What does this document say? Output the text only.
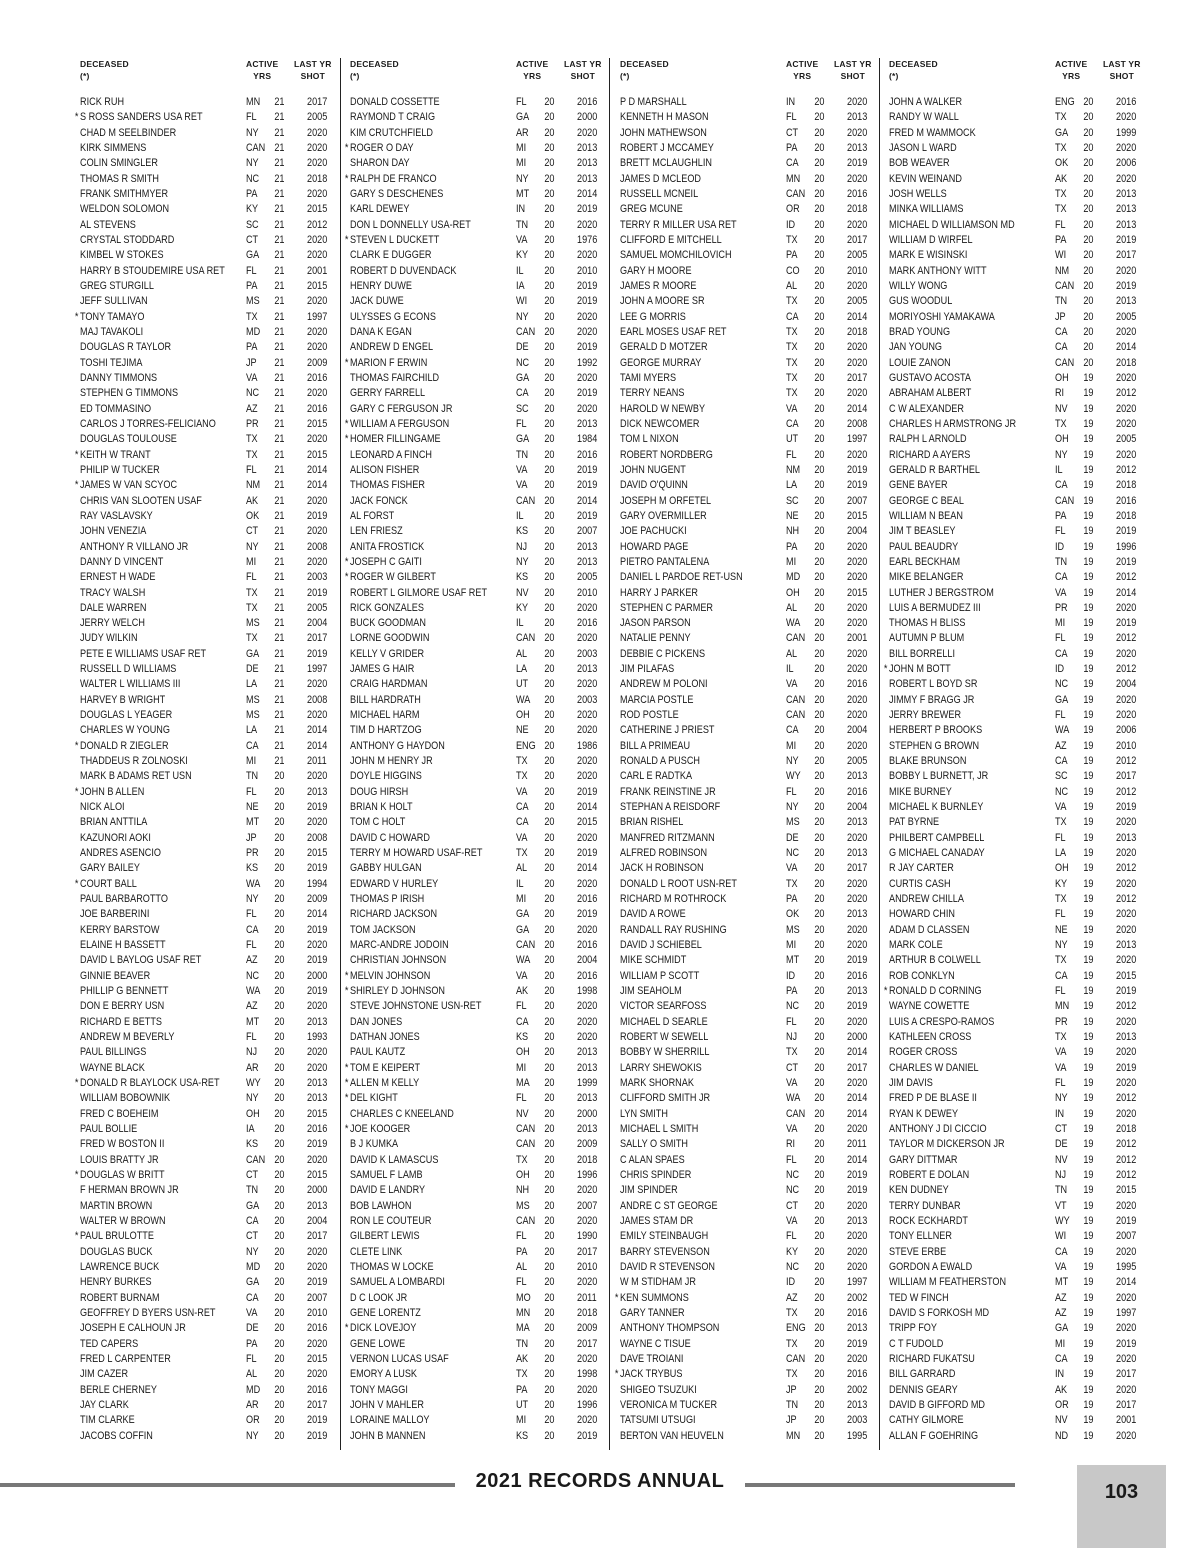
DECEASED
(*)
ACTIVE
YRS
LAST YR
SHOT
RICK RUH	MN 21 2017
* S ROSS SANDERS USA RET	FL 21 2005
CHAD M SEELBINDER	NY 21 2020
KIRK SIMMENS	CAN 21 2020
COLIN SMINGLER	NY 21 2020
THOMAS R SMITH	NC 21 2018
FRANK SMITHMYER	PA 21 2020
WELDON SOLOMON	KY 21 2015
AL STEVENS	SC 21 2012
CRYSTAL STODDARD	CT 21 2020
KIMBEL W STOKES	GA 21 2020
HARRY B STOUDEMIRE USA RET FL 21 2001
GREG STURGILL	PA 21 2015
JEFF SULLIVAN	MS 21 2020
* TONY TAMAYO	TX 21 1997
MAJ TAVAKOLI	MD 21 2020
DOUGLAS R TAYLOR	PA 21 2020
TOSHI TEJIMA	JP 21 2009
DANNY TIMMONS	VA 21 2016
STEPHEN G TIMMONS	NC 21 2020
ED TOMMASINO	AZ 21 2016
CARLOS J TORRES-FELICIANO	PR 21 2015
DOUGLAS TOULOUSE	TX 21 2020
* KEITH W TRANT	TX 21 2015
PHILIP W TUCKER	FL 21 2014
* JAMES W VAN SCYOC	NM 21 2014
CHRIS VAN SLOOTEN USAF	AK 21 2020
RAY VASLAVSKY	OK 21 2019
JOHN VENEZIA	CT 21 2020
ANTHONY R VILLANO JR	NY 21 2008
DANNY D VINCENT	MI 21 2020
ERNEST H WADE	FL 21 2003
TRACY WALSH	TX 21 2019
DALE WARREN	TX 21 2005
JERRY WELCH	MS 21 2004
JUDY WILKIN	TX 21 2017
PETE E WILLIAMS USAF RET	GA 21 2019
RUSSELL D WILLIAMS	DE 21 1997
WALTER L WILLIAMS III	LA 21 2020
HARVEY B WRIGHT	MS 21 2008
DOUGLAS L YEAGER	MS 21 2020
CHARLES W YOUNG	LA 21 2014
* DONALD R ZIEGLER	CA 21 2014
THADDEUS R ZOLNOSKI	MI 21 2011
MARK B ADAMS RET USN	TN 20 2020
* JOHN B ALLEN	FL 20 2013
NICK ALOI	NE 20 2019
BRIAN ANTTILA	MT 20 2020
KAZUNORI AOKI	JP 20 2008
ANDRES ASENCIO	PR 20 2015
GARY BAILEY	KS 20 2019
* COURT BALL	WA 20 1994
PAUL BARBAROTTO	NY 20 2009
JOE BARBERINI	FL 20 2014
KERRY BARSTOW	CA 20 2019
ELAINE H BASSETT	FL 20 2020
DAVID L BAYLOG USAF RET	AZ 20 2019
GINNIE BEAVER	NC 20 2000
PHILLIP G BENNETT	WA 20 2019
DON E BERRY USN	AZ 20 2020
RICHARD E BETTS	MT 20 2013
ANDREW M BEVERLY	FL 20 1993
PAUL BILLINGS	NJ 20 2020
WAYNE BLACK	AR 20 2020
* DONALD R BLAYLOCK USA-RET WY 20 2013
WILLIAM BOBOWNIK	NY 20 2013
FRED C BOEHEIM	OH 20 2015
PAUL BOLLIE	IA 20 2016
FRED W BOSTON II	KS 20 2019
LOUIS BRATTY JR	CAN 20 2020
* DOUGLAS W BRITT	CT 20 2015
F HERMAN BROWN JR	TN 20 2000
MARTIN BROWN	GA 20 2013
WALTER W BROWN	CA 20 2004
* PAUL BRULOTTE	CT 20 2017
DOUGLAS BUCK	NY 20 2020
LAWRENCE BUCK	MD 20 2020
HENRY BURKES	GA 20 2019
ROBERT BURNAM	CA 20 2007
GEOFFREY D BYERS USN-RET	VA 20 2010
JOSEPH E CALHOUN JR	DE 20 2016
TED CAPERS	PA 20 2020
FRED L CARPENTER	FL 20 2015
JIM CAZER	AL 20 2020
BERLE CHERNEY	MD 20 2016
JAY CLARK	AR 20 2017
TIM CLARKE	OR 20 2019
JACOBS COFFIN	NY 20 2019
DECEASED
(*)
ACTIVE
YRS
LAST YR
SHOT
DONALD COSSETTE	FL 20 2016
RAYMOND T CRAIG	GA 20 2000
KIM CRUTCHFIELD	AR 20 2020
* ROGER O DAY	MI 20 2013
SHARON DAY	MI 20 2013
* RALPH DE FRANCO	NY 20 2013
GARY S DESCHENES	MT 20 2014
KARL DEWEY	IN 20 2019
DON L DONNELLY USA-RET	TN 20 2020
* STEVEN L DUCKETT	VA 20 1976
CLARK E DUGGER	KY 20 2020
ROBERT D DUVENDACK	IL 20 2010
HENRY DUWE	IA 20 2019
JACK DUWE	WI 20 2019
ULYSSES G ECONS	NY 20 2020
DANA K EGAN	CAN 20 2020
ANDREW D ENGEL	DE 20 2019
* MARION F ERWIN	NC 20 1992
THOMAS FAIRCHILD	GA 20 2020
GERRY FARRELL	CA 20 2019
GARY C FERGUSON JR	SC 20 2020
* WILLIAM A FERGUSON	FL 20 2013
* HOMER FILLINGAME	GA 20 1984
LEONARD A FINCH	TN 20 2016
ALISON FISHER	VA 20 2019
THOMAS FISHER	VA 20 2019
JACK FONCK	CAN 20 2014
AL FORST	IL 20 2019
LEN FRIESZ	KS 20 2007
ANITA FROSTICK	NJ 20 2013
* JOSEPH C GAITI	NY 20 2013
* ROGER W GILBERT	KS 20 2005
ROBERT L GILMORE USAF RET	NV 20 2010
RICK GONZALES	KY 20 2020
BUCK GOODMAN	IL 20 2016
LORNE GOODWIN	CAN 20 2020
KELLY V GRIDER	AL 20 2003
JAMES G HAIR	LA 20 2013
CRAIG HARDMAN	UT 20 2020
BILL HARDRATH	WA 20 2003
MICHAEL HARM	OH 20 2020
TIM D HARTZOG	NE 20 2020
ANTHONY G HAYDON	ENG 20 1986
JOHN M HENRY JR	TX 20 2020
DOYLE HIGGINS	TX 20 2020
DOUG HIRSH	VA 20 2019
BRIAN K HOLT	CA 20 2014
TOM C HOLT	CA 20 2015
DAVID C HOWARD	VA 20 2020
TERRY M HOWARD USAF-RET	TX 20 2019
GABBY HULGAN	AL 20 2014
EDWARD V HURLEY	IL 20 2020
THOMAS P IRISH	MI 20 2016
RICHARD JACKSON	GA 20 2019
TOM JACKSON	GA 20 2020
MARC-ANDRE JODOIN	CAN 20 2016
CHRISTIAN JOHNSON	WA 20 2004
* MELVIN JOHNSON	VA 20 2016
* SHIRLEY D JOHNSON	AK 20 1998
STEVE JOHNSTONE USN-RET	FL 20 2020
DAN JONES	CA 20 2020
DATHAN JONES	KS 20 2020
PAUL KAUTZ	OH 20 2013
* TOM E KEIPERT	MI 20 2013
* ALLEN M KELLY	MA 20 1999
* DEL KIGHT	FL 20 2013
CHARLES C KNEELAND	NV 20 2000
* JOE KOOGER	CAN 20 2013
B J KUMKA	CAN 20 2009
DAVID K LAMASCUS	TX 20 2018
SAMUEL F LAMB	OH 20 1996
DAVID E LANDRY	NH 20 2020
BOB LAWHON	MS 20 2007
RON LE COUTEUR	CAN 20 2020
GILBERT LEWIS	FL 20 1990
CLETE LINK	PA 20 2017
THOMAS W LOCKE	AL 20 2010
SAMUEL A LOMBARDI	FL 20 2020
D C LOOK JR	MO 20 2011
GENE LORENTZ	MN 20 2018
* DICK LOVEJOY	MA 20 2009
GENE LOWE	TN 20 2017
VERNON LUCAS USAF	AK 20 2020
EMORY A LUSK	TX 20 1998
TONY MAGGI	PA 20 2020
JOHN V MAHLER	UT 20 1996
LORAINE MALLOY	MI 20 2020
JOHN B MANNEN	KS 20 2019
DECEASED
(*)
ACTIVE
YRS
LAST YR
SHOT
P D MARSHALL	IN 20 2020
KENNETH H MASON	FL 20 2013
JOHN MATHEWSON	CT 20 2020
ROBERT J MCCAMEY	PA 20 2013
BRETT MCLAUGHLIN	CA 20 2019
JAMES D MCLEOD	MN 20 2020
RUSSELL MCNEIL	CAN 20 2016
GREG MCUNE	OR 20 2018
TERRY R MILLER USA RET	ID 20 2020
CLIFFORD E MITCHELL	TX 20 2017
SAMUEL MOMCHILOVICH	PA 20 2005
GARY H MOORE	CO 20 2010
JAMES R MOORE	AL 20 2020
JOHN A MOORE SR	TX 20 2005
LEE G MORRIS	CA 20 2014
EARL MOSES USAF RET	TX 20 2018
GERALD D MOTZER	TX 20 2020
GEORGE MURRAY	TX 20 2020
TAMI MYERS	TX 20 2017
TERRY NEANS	TX 20 2020
HAROLD W NEWBY	VA 20 2014
DICK NEWCOMER	CA 20 2008
TOM L NIXON	UT 20 1997
ROBERT NORDBERG	FL 20 2020
JOHN NUGENT	NM 20 2019
DAVID O'QUINN	LA 20 2019
JOSEPH M ORFETEL	SC 20 2007
GARY OVERMILLER	NE 20 2015
JOE PACHUCKI	NH 20 2004
HOWARD PAGE	PA 20 2020
PIETRO PANTALENA	MI 20 2020
DANIEL L PARDOE RET-USN	MD 20 2020
HARRY J PARKER	OH 20 2015
STEPHEN C PARMER	AL 20 2020
JASON PARSON	WA 20 2020
NATALIE PENNY	CAN 20 2001
DEBBIE C PICKENS	AL 20 2020
JIM PILAFAS	IL 20 2020
ANDREW M POLONI	VA 20 2016
MARCIA POSTLE	CAN 20 2020
ROD POSTLE	CAN 20 2020
CATHERINE J PRIEST	CA 20 2004
BILL A PRIMEAU	MI 20 2020
RONALD A PUSCH	NY 20 2005
CARL E RADTKA	WY 20 2013
FRANK REINSTINE JR	FL 20 2016
STEPHAN A REISDORF	NY 20 2004
BRIAN RISHEL	MS 20 2013
MANFRED RITZMANN	DE 20 2020
ALFRED ROBINSON	NC 20 2013
JACK H ROBINSON	VA 20 2017
DONALD L ROOT USN-RET	TX 20 2020
RICHARD M ROTHROCK	PA 20 2020
DAVID A ROWE	OK 20 2013
RANDALL RAY RUSHING	MS 20 2020
DAVID J SCHIEBEL	MI 20 2020
MIKE SCHMIDT	MT 20 2019
WILLIAM P SCOTT	ID 20 2016
JIM SEAHOLM	PA 20 2013
VICTOR SEARFOSS	NC 20 2019
MICHAEL D SEARLE	FL 20 2020
ROBERT W SEWELL	NJ 20 2000
BOBBY W SHERRILL	TX 20 2014
LARRY SHEWOKIS	CT 20 2017
MARK SHORNAK	VA 20 2020
CLIFFORD SMITH JR	WA 20 2014
LYN SMITH	CAN 20 2014
MICHAEL L SMITH	VA 20 2020
SALLY O SMITH	RI 20 2011
C ALAN SPAES	FL 20 2014
CHRIS SPINDER	NC 20 2019
JIM SPINDER	NC 20 2019
ANDRE C ST GEORGE	CT 20 2020
JAMES STAM DR	VA 20 2013
EMILY STEINBAUGH	FL 20 2020
BARRY STEVENSON	KY 20 2020
DAVID R STEVENSON	NC 20 2020
W M STIDHAM JR	ID 20 1997
* KEN SUMMONS	AZ 20 2002
GARY TANNER	TX 20 2016
ANTHONY THOMPSON	ENG 20 2013
WAYNE C TISUE	TX 20 2019
DAVE TROIANI	CAN 20 2020
* JACK TRYBUS	TX 20 2016
SHIGEO TSUZUKI	JP 20 2002
VERONICA M TUCKER	TN 20 2013
TATSUMI UTSUGI	JP 20 2003
BERTON VAN HEUVELN	MN 20 1995
DECEASED
(*)
ACTIVE
YRS
LAST YR
SHOT
JOHN A WALKER	ENG 20 2016
RANDY W WALL	TX 20 2020
FRED M WAMMOCK	GA 20 1999
JASON L WARD	TX 20 2020
BOB WEAVER	OK 20 2006
KEVIN WEINAND	AK 20 2020
JOSH WELLS	TX 20 2013
MINKA WILLIAMS	TX 20 2013
MICHAEL D WILLIAMSON MD	FL 20 2013
WILLIAM D WIRFEL	PA 20 2019
MARK E WISINSKI	WI 20 2017
MARK ANTHONY WITT	NM 20 2020
WILLY WONG	CAN 20 2019
GUS WOODUL	TN 20 2013
MORIYOSHI YAMAKAWA	JP 20 2005
BRAD YOUNG	CA 20 2020
JAN YOUNG	CA 20 2014
LOUIE ZANON	CAN 20 2018
GUSTAVO ACOSTA	OH 19 2020
ABRAHAM ALBERT	RI 19 2012
C W ALEXANDER	NV 19 2020
CHARLES H ARMSTRONG JR	TX 19 2020
RALPH L ARNOLD	OH 19 2005
RICHARD A AYERS	NY 19 2020
GERALD R BARTHEL	IL 19 2012
GENE BAYER	CA 19 2018
GEORGE C BEAL	CAN 19 2016
WILLIAM N BEAN	PA 19 2018
JIM T BEASLEY	FL 19 2019
PAUL BEAUDRY	ID 19 1996
EARL BECKHAM	TN 19 2019
MIKE BELANGER	CA 19 2012
LUTHER J BERGSTROM	VA 19 2014
LUIS A BERMUDEZ III	PR 19 2020
THOMAS H BLISS	MI 19 2019
AUTUMN P BLUM	FL 19 2012
BILL BORRELLI	CA 19 2020
* JOHN M BOTT	ID 19 2012
ROBERT L BOYD SR	NC 19 2004
JIMMY F BRAGG JR	GA 19 2020
JERRY BREWER	FL 19 2020
HERBERT P BROOKS	WA 19 2006
STEPHEN G BROWN	AZ 19 2010
BLAKE BRUNSON	CA 19 2012
BOBBY L BURNETT, JR	SC 19 2017
MIKE BURNEY	NC 19 2012
MICHAEL K BURNLEY	VA 19 2019
PAT BYRNE	TX 19 2020
PHILBERT CAMPBELL	FL 19 2013
G MICHAEL CANADAY	LA 19 2020
R JAY CARTER	OH 19 2012
CURTIS CASH	KY 19 2020
ANDREW CHILLA	TX 19 2012
HOWARD CHIN	FL 19 2020
ADAM D CLASSEN	NE 19 2020
MARK COLE	NY 19 2013
ARTHUR B COLWELL	TX 19 2020
ROB CONKLYN	CA 19 2015
* RONALD D CORNING	FL 19 2019
WAYNE COWETTE	MN 19 2012
LUIS A CRESPO-RAMOS	PR 19 2020
KATHLEEN CROSS	TX 19 2013
ROGER CROSS	VA 19 2020
CHARLES W DANIEL	VA 19 2019
JIM DAVIS	FL 19 2020
FRED P DE BLASE II	NY 19 2012
RYAN K DEWEY	IN 19 2020
ANTHONY J DI CICCIO	CT 19 2018
TAYLOR M DICKERSON JR	DE 19 2012
GARY DITTMAR	NV 19 2012
ROBERT E DOLAN	NJ 19 2012
KEN DUDNEY	TN 19 2015
TERRY DUNBAR	VT 19 2020
ROCK ECKHARDT	WY 19 2019
TONY ELLNER	WI 19 2007
STEVE ERBE	CA 19 2020
GORDON A EWALD	VA 19 1995
WILLIAM M FEATHERSTON	MT 19 2014
TED W FINCH	AZ 19 2020
DAVID S FORKOSH MD	AZ 19 1997
TRIPP FOY	GA 19 2020
C T FUDOLD	MI 19 2019
RICHARD FUKATSU	CA 19 2020
BILL GARRARD	IN 19 2017
DENNIS GEARY	AK 19 2020
DAVID B GIFFORD MD	OR 19 2017
CATHY GILMORE	NV 19 2001
ALLAN F GOEHRING	ND 19 2020
2021 RECORDS ANNUAL	103
